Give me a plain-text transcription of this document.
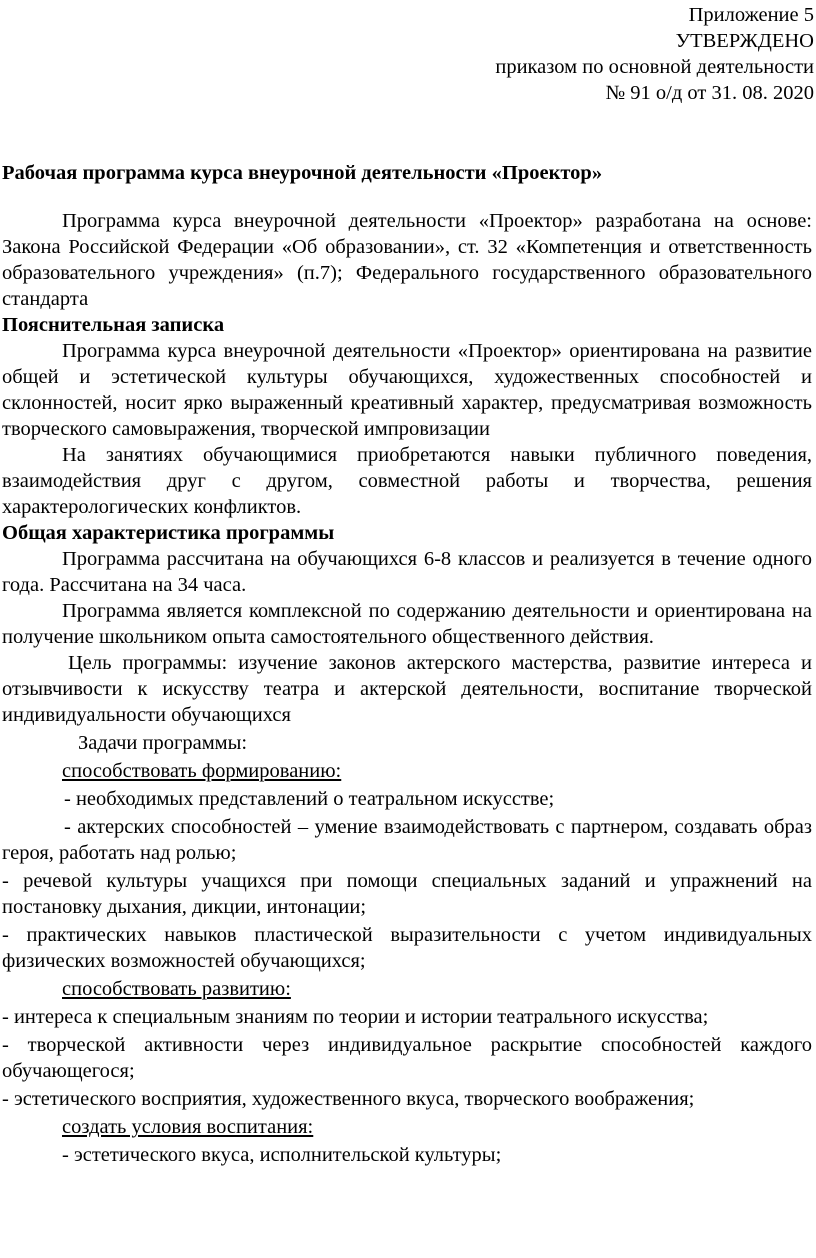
Приложение 5
УТВЕРЖДЕНО
приказом по основной деятельности
№ 91 о/д от 31. 08. 2020
Рабочая программа курса внеурочной деятельности «Проектор»

Программа курса внеурочной деятельности «Проектор» разработана на основе: Закона Российской Федерации «Об образовании», ст. 32 «Компетенция и ответственность образовательного учреждения» (п.7); Федерального государственного образовательного стандарта

Пояснительная записка

Программа курса внеурочной деятельности «Проектор» ориентирована на развитие общей и эстетической культуры обучающихся, художественных способностей и склонностей, носит ярко выраженный креативный характер, предусматривая возможность творческого самовыражения, творческой импровизации

На занятиях обучающимися приобретаются навыки публичного поведения, взаимодействия друг с другом, совместной работы и творчества, решения характерологических конфликтов.

Общая характеристика программы

Программа рассчитана на обучающихся 6-8 классов и реализуется в течение одного года. Рассчитана на 34 часа.

Программа является комплексной по содержанию деятельности и ориентирована на получение школьником опыта самостоятельного общественного действия.

Цель программы: изучение законов актерского мастерства, развитие интереса и отзывчивости к искусству театра и актерской деятельности, воспитание творческой индивидуальности обучающихся

Задачи программы:

способствовать формированию:

- необходимых представлений о театральном искусстве;

- актерских способностей – умение взаимодействовать с партнером, создавать образ героя, работать над ролью;

- речевой культуры учащихся при помощи специальных заданий и упражнений на постановку дыхания, дикции, интонации;

- практических навыков пластической выразительности с учетом индивидуальных физических возможностей обучающихся;

способствовать развитию:

- интереса к специальным знаниям по теории и истории театрального искусства;

- творческой активности через индивидуальное раскрытие способностей каждого обучающегося;

- эстетического восприятия, художественного вкуса, творческого воображения;

создать условия воспитания:

- эстетического вкуса, исполнительской культуры;
